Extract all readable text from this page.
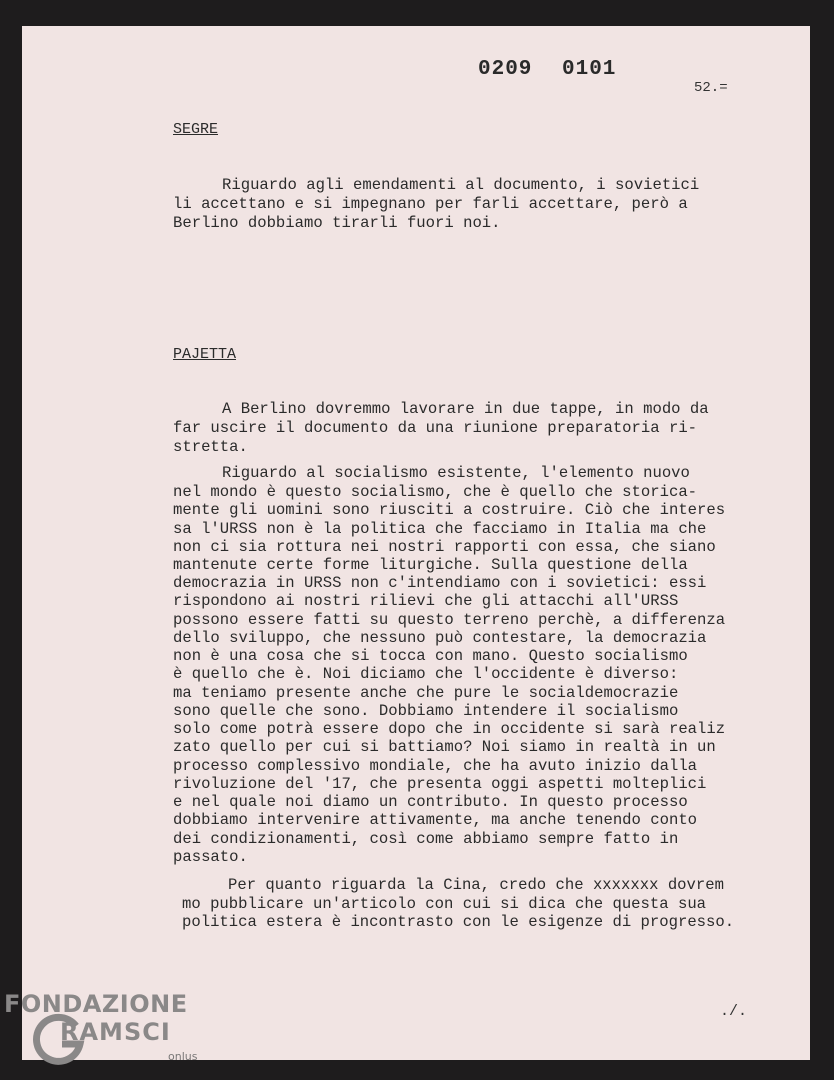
0209 0101
52.=
SEGRE
Riguardo agli emendamenti al documento, i sovietici
li accettano e si impegnano per farli accettare, però a
Berlino dobbiamo tirarli fuori noi.
PAJETTA
A Berlino dovremmo lavorare in due tappe, in modo da
far uscire il documento da una riunione preparatoria ri-
stretta.
Riguardo al socialismo esistente, l'elemento nuovo
nel mondo è questo socialismo, che è quello che storica-
mente gli uomini sono riusciti a costruire. Ciò che interes
sa l'URSS non è la politica che facciamo in Italia ma che
non ci sia rottura nei nostri rapporti con essa, che siano
mantenute certe forme liturgiche. Sulla questione della
democrazia in URSS non c'intendiamo con i sovietici: essi
rispondono ai nostri rilievi che gli attacchi all'URSS
possono essere fatti su questo terreno perchè, a differenza
dello sviluppo, che nessuno può contestare, la democrazia
non è una cosa che si tocca con mano. Questo socialismo
è quello che è. Noi diciamo che l'occidente è diverso:
ma teniamo presente anche che pure le socialdemocrazie
sono quelle che sono. Dobbiamo intendere il socialismo
solo come potrà essere dopo che in occidente si sarà realiz
zato quello per cui si battiamo? Noi siamo in realtà in un
processo complessivo mondiale, che ha avuto inizio dalla
rivoluzione del '17, che presenta oggi aspetti molteplici
e nel quale noi diamo un contributo. In questo processo
dobbiamo intervenire attivamente, ma anche tenendo conto
dei condizionamenti, così come abbiamo sempre fatto in
passato.
Per quanto riguarda la Cina, credo che xxxxxxx dovrem
mo pubblicare un'articolo con cui si dica che questa sua
politica estera è incontrasto con le esigenze di progresso.
./.
FONDAZIONE
RAMSCI
onlus
